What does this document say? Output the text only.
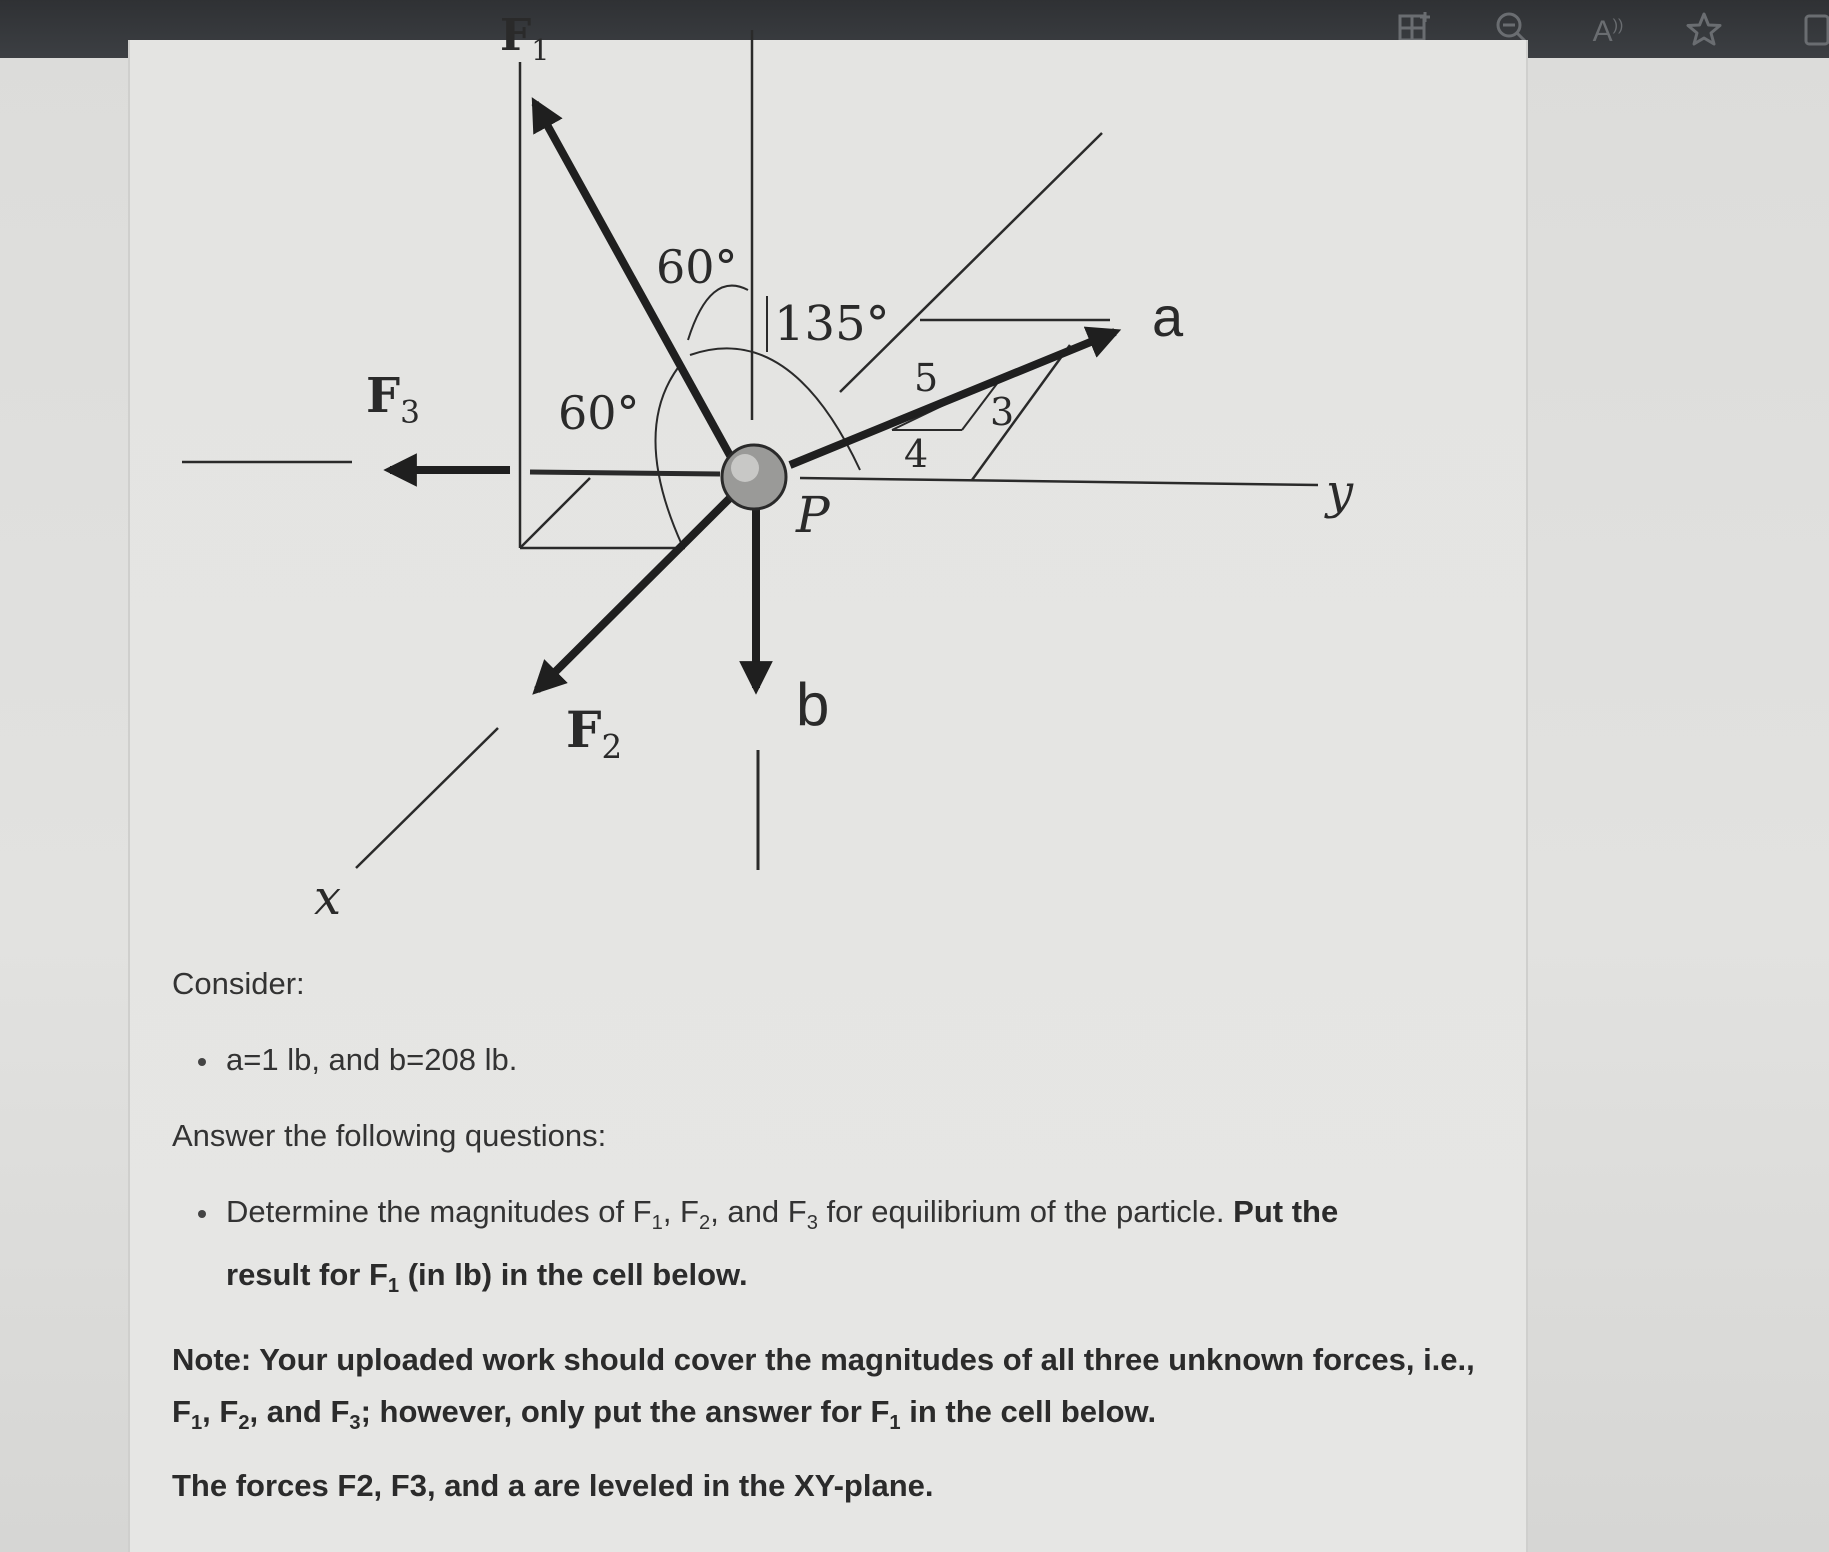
A))
$F_1$
$F_3$
$F_2$
60°
60°
135°	a
b
P
x
y
5
4
3
Consider:
a=1 lb, and b=208 lb.
Answer the following questions:
Determine the magnitudes of $F_1$, $F_2$, and $F_3$ for equilibrium of the particle. Put the
result for $F_1$ (in lb) in the cell below.
Note: Your uploaded work should cover the magnitudes of all three unknown forces, i.e.,
$F_1$, $F_2$, and $F_3$; however, only put the answer for $F_1$ in the cell below.
The forces F2, F3, and a are leveled in the XY-plane.
